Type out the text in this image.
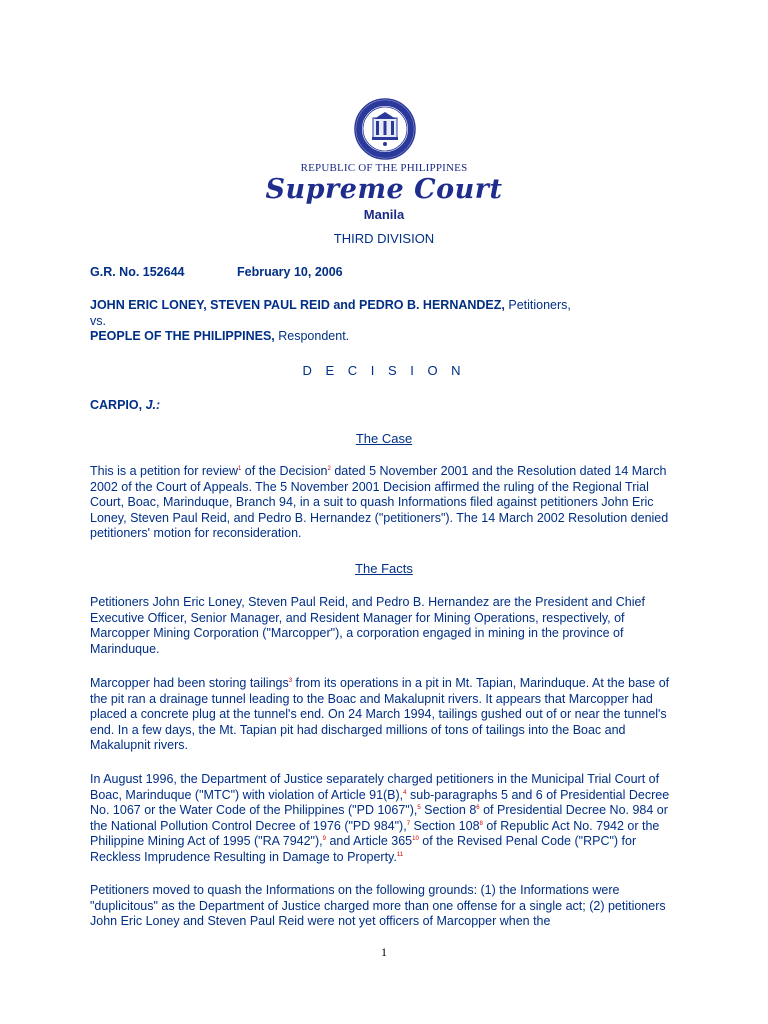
REPUBLIC OF THE PHILIPPINES
Supreme Court
Manila
THIRD DIVISION
G.R. No. 152644	February 10, 2006
JOHN ERIC LONEY, STEVEN PAUL REID and PEDRO B. HERNANDEZ, Petitioners,
vs.
PEOPLE OF THE PHILIPPINES, Respondent.
D E C I S I O N
CARPIO, J.:
The Case
This is a petition for review$^1$ of the Decision$^2$ dated 5 November 2001 and the Resolution dated 14 March 2002 of the Court of Appeals. The 5 November 2001 Decision affirmed the ruling of the Regional Trial Court, Boac, Marinduque, Branch 94, in a suit to quash Informations filed against petitioners John Eric Loney, Steven Paul Reid, and Pedro B. Hernandez ("petitioners"). The 14 March 2002 Resolution denied petitioners' motion for reconsideration.
The Facts
Petitioners John Eric Loney, Steven Paul Reid, and Pedro B. Hernandez are the President and Chief Executive Officer, Senior Manager, and Resident Manager for Mining Operations, respectively, of Marcopper Mining Corporation ("Marcopper"), a corporation engaged in mining in the province of Marinduque.
Marcopper had been storing tailings$^3$ from its operations in a pit in Mt. Tapian, Marinduque. At the base of the pit ran a drainage tunnel leading to the Boac and Makalupnit rivers. It appears that Marcopper had placed a concrete plug at the tunnel's end. On 24 March 1994, tailings gushed out of or near the tunnel's end. In a few days, the Mt. Tapian pit had discharged millions of tons of tailings into the Boac and Makalupnit rivers.
In August 1996, the Department of Justice separately charged petitioners in the Municipal Trial Court of Boac, Marinduque ("MTC") with violation of Article 91(B),$^4$ sub-paragraphs 5 and 6 of Presidential Decree No. 1067 or the Water Code of the Philippines ("PD 1067"),$^5$ Section 8$^6$ of Presidential Decree No. 984 or the National Pollution Control Decree of 1976 ("PD 984"),$^7$ Section 108$^8$ of Republic Act No. 7942 or the Philippine Mining Act of 1995 ("RA 7942"),$^9$ and Article 365$^{10}$ of the Revised Penal Code ("RPC") for Reckless Imprudence Resulting in Damage to Property.$^{11}$
Petitioners moved to quash the Informations on the following grounds: (1) the Informations were "duplicitous" as the Department of Justice charged more than one offense for a single act; (2) petitioners John Eric Loney and Steven Paul Reid were not yet officers of Marcopper when the
1
